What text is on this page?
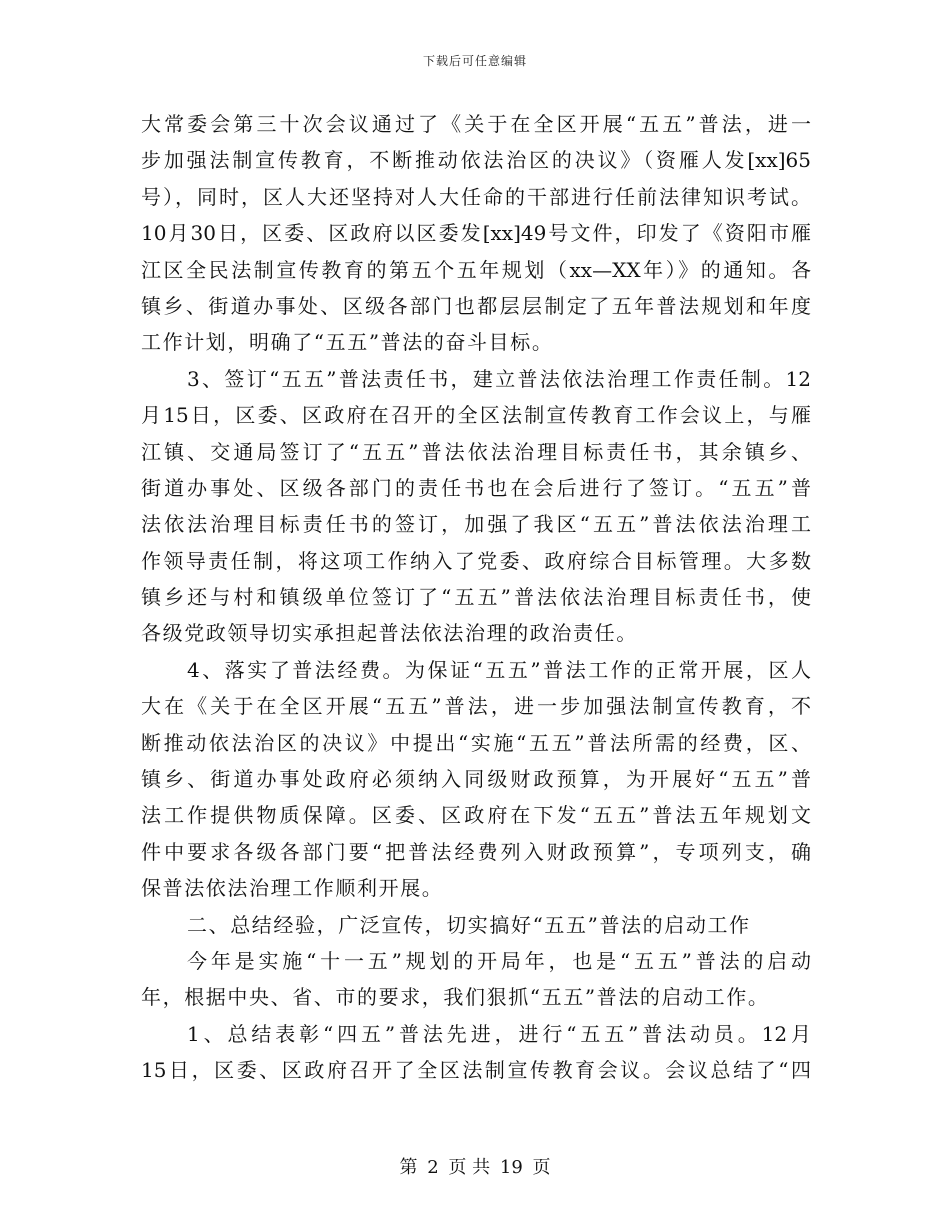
下载后可任意编辑
大常委会第三十次会议通过了《关于在全区开展“五五”普法，进一
步加强法制宣传教育，不断推动依法治区的决议》（资雁人发[xx]65
号），同时，区人大还坚持对人大任命的干部进行任前法律知识考试。
10月30日，区委、区政府以区委发[xx]49号文件，印发了《资阳市雁
江区全民法制宣传教育的第五个五年规划（xx—XX年）》的通知。各
镇乡、街道办事处、区级各部门也都层层制定了五年普法规划和年度
工作计划，明确了“五五”普法的奋斗目标。
3、签订“五五”普法责任书，建立普法依法治理工作责任制。12
月15日，区委、区政府在召开的全区法制宣传教育工作会议上，与雁
江镇、交通局签订了“五五”普法依法治理目标责任书，其余镇乡、
街道办事处、区级各部门的责任书也在会后进行了签订。“五五”普
法依法治理目标责任书的签订，加强了我区“五五”普法依法治理工
作领导责任制，将这项工作纳入了党委、政府综合目标管理。大多数
镇乡还与村和镇级单位签订了“五五”普法依法治理目标责任书，使
各级党政领导切实承担起普法依法治理的政治责任。
4、落实了普法经费。为保证“五五”普法工作的正常开展，区人
大在《关于在全区开展“五五”普法，进一步加强法制宣传教育，不
断推动依法治区的决议》中提出“实施“五五”普法所需的经费，区、
镇乡、街道办事处政府必须纳入同级财政预算，为开展好“五五”普
法工作提供物质保障。区委、区政府在下发“五五”普法五年规划文
件中要求各级各部门要“把普法经费列入财政预算”，专项列支，确
保普法依法治理工作顺利开展。
二、总结经验，广泛宣传，切实搞好“五五”普法的启动工作
今年是实施“十一五”规划的开局年，也是“五五”普法的启动
年，根据中央、省、市的要求，我们狠抓“五五”普法的启动工作。
1、总结表彰“四五”普法先进，进行“五五”普法动员。12月
15日，区委、区政府召开了全区法制宣传教育会议。会议总结了“四
第 2 页 共 19 页
